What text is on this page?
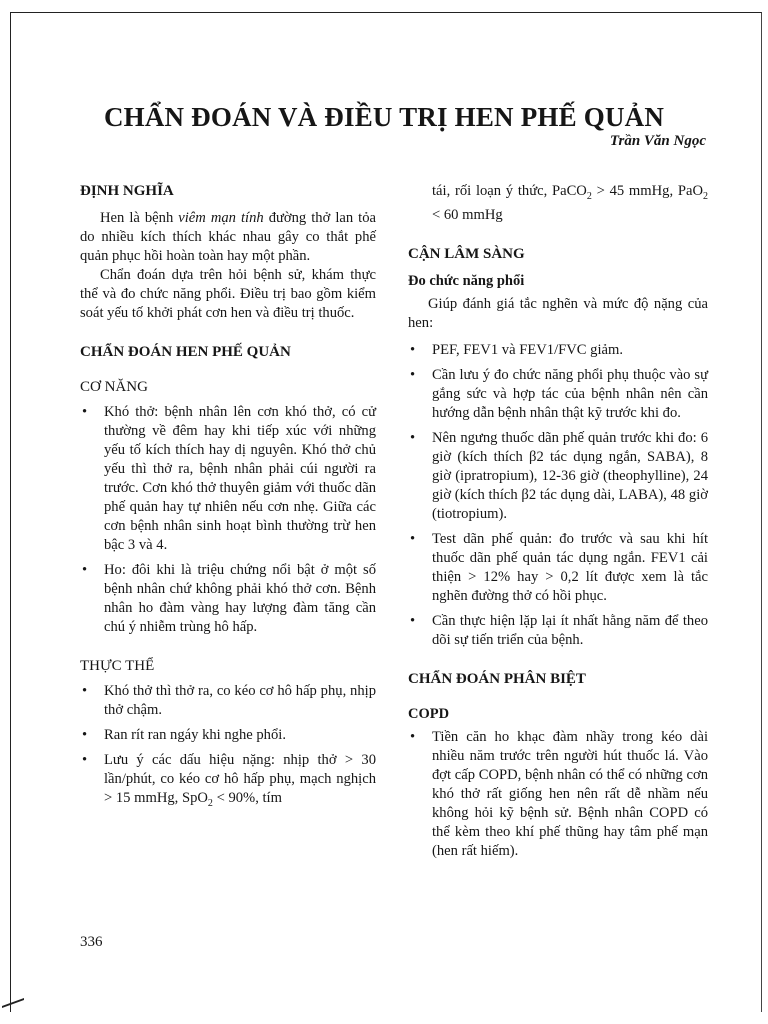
CHẨN ĐOÁN VÀ ĐIỀU TRỊ HEN PHẾ QUẢN
Trần Văn Ngọc
ĐỊNH NGHĨA

Hen là bệnh viêm mạn tính đường thở lan tỏa do nhiều kích thích khác nhau gây co thắt phế quản phục hồi hoàn toàn hay một phần.

Chẩn đoán dựa trên hỏi bệnh sử, khám thực thể và đo chức năng phổi. Điều trị bao gồm kiểm soát yếu tố khởi phát cơn hen và điều trị thuốc.

CHẨN ĐOÁN HEN PHẾ QUẢN
CƠ NĂNG
• Khó thở: bệnh nhân lên cơn khó thở, có cử thường về đêm hay khi tiếp xúc với những yếu tố kích thích hay dị nguyên. Khó thở chủ yếu thì thở ra, bệnh nhân phải cúi người ra trước. Cơn khó thở thuyên giảm với thuốc dãn phế quản hay tự nhiên nếu cơn nhẹ. Giữa các cơn bệnh nhân sinh hoạt bình thường trừ hen bậc 3 và 4.
• Ho: đôi khi là triệu chứng nổi bật ở một số bệnh nhân chứ không phải khó thở cơn. Bệnh nhân ho đàm vàng hay lượng đàm tăng cần chú ý nhiễm trùng hô hấp.
THỰC THỂ
• Khó thở thì thở ra, co kéo cơ hô hấp phụ, nhịp thở chậm.
• Ran rít ran ngáy khi nghe phổi.
• Lưu ý các dấu hiệu nặng: nhịp thở > 30 lần/phút, co kéo cơ hô hấp phụ, mạch nghịch > 15 mmHg, SpO$_2$ < 90%, tím

tái, rối loạn ý thức, PaCO$_2$ > 45 mmHg, PaO$_2$ < 60 mmHg

CẬN LÂM SÀNG
Đo chức năng phổi

Giúp đánh giá tắc nghẽn và mức độ nặng của hen:

• PEF, FEV1 và FEV1/FVC giảm.
• Cần lưu ý đo chức năng phổi phụ thuộc vào sự gắng sức và hợp tác của bệnh nhân nên cần hướng dẫn bệnh nhân thật kỹ trước khi đo.
• Nên ngưng thuốc dãn phế quản trước khi đo: 6 giờ (kích thích β2 tác dụng ngắn, SABA), 8 giờ (ipratropium), 12-36 giờ (theophylline), 24 giờ (kích thích β2 tác dụng dài, LABA), 48 giờ (tiotropium).
• Test dãn phế quản: đo trước và sau khi hít thuốc dãn phế quản tác dụng ngắn. FEV1 cải thiện > 12% hay > 0,2 lít được xem là tắc nghẽn đường thở có hồi phục.
• Cần thực hiện lặp lại ít nhất hằng năm để theo dõi sự tiến triển của bệnh.
CHẨN ĐOÁN PHÂN BIỆT
COPD
• Tiền căn ho khạc đàm nhầy trong kéo dài nhiều năm trước trên người hút thuốc lá. Vào đợt cấp COPD, bệnh nhân có thể có những cơn khó thở rất giống hen nên rất dễ nhầm nếu không hỏi kỹ bệnh sử. Bệnh nhân COPD có thể kèm theo khí phế thũng hay tâm phế mạn (hen rất hiếm).
336
